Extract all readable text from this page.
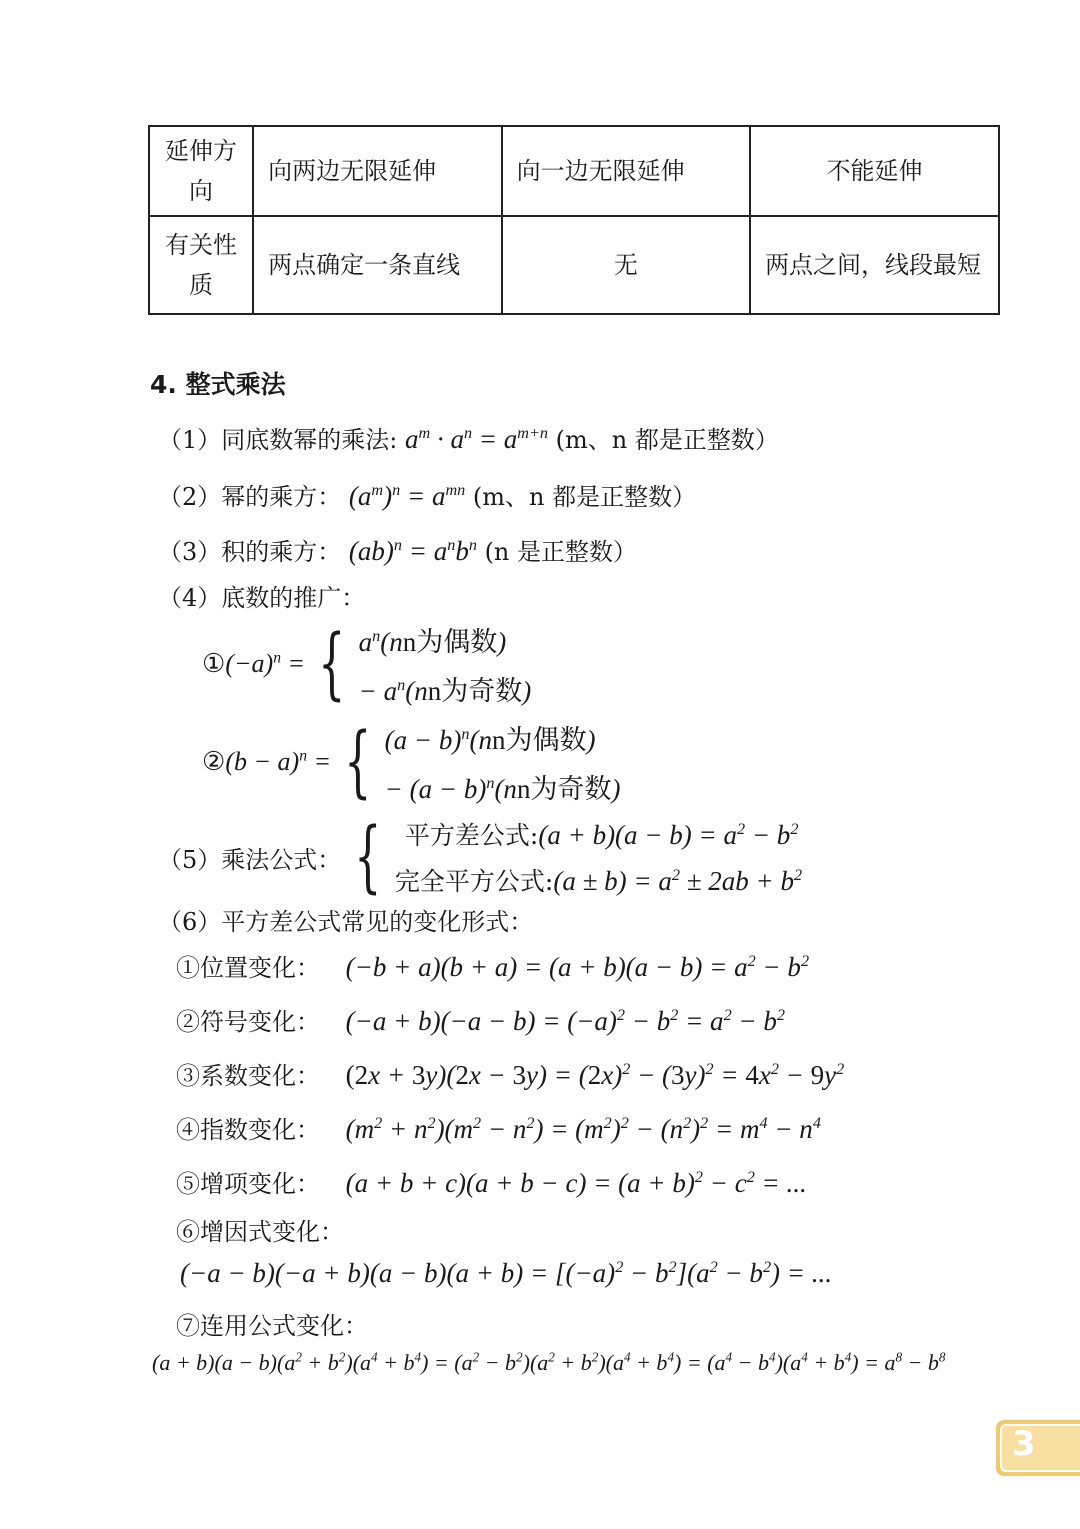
延伸方向	向两边无限延伸	向一边无限延伸	不能延伸
有关性质	两点确定一条直线	无	两点之间，线段最短
4. 整式乘法
（1）同底数幂的乘法: $a^m \cdot a^n = a^{m+n}$ (m、n 都是正整数）
（2）幂的乘方： $(a^m)^n = a^{mn}$ (m、n 都是正整数）
（3）积的乘方： $(ab)^n = a^nb^n$ (n 是正整数）
（4）底数的推广：
$①(-a)^n$ = { $a^n(nn$为偶数)
− $a^n(nn$为奇数)
②(b − a)$^n$ = { $(a - b)^n(nn$为偶数)
− $(a - b)^n(nn$为奇数)
（5）乘法公式： { 平方差公式:(a + $b)(a - b) = a^2 - b^2$
完全平方公式:(a ± $b) = a^2 \pm 2ab + b^2$
（6）平方差公式常见的变化形式：
①位置变化： $(-b + a)(b + a) = (a + b)(a - b) = a^2 - b^2$
②符号变化： $(-a + b)(-a - b) = (-a)^2 - b^2 = a^2 - b^2$
③系数变化： $(2x + 3y)(2x - 3y) = (2x)^2 - (3y)^2 = 4x^2 - 9y^2$
④指数变化： $(m^2 + n^2)(m^2 - n^2) = (m^2)^2 - (n^2)^2 = m^4 - n^4$
⑤增项变化： $(a + b + c)(a + b - c) = (a + b)^2 - c^2$ = ...
⑥增因式变化：
$(-a - b)(-a + b)(a - b)(a + b) = [(-a)^2 - b^2](a^2 - b^2)$ = ...
⑦连用公式变化：
$(a + b)(a - b)(a^2 + b^2)(a^4 + b^4) = (a^2 - b^2)(a^2 + b^2)(a^4 + b^4) = (a^4 - b^4)(a^4 + b^4) = a^8 - b^8$
3
